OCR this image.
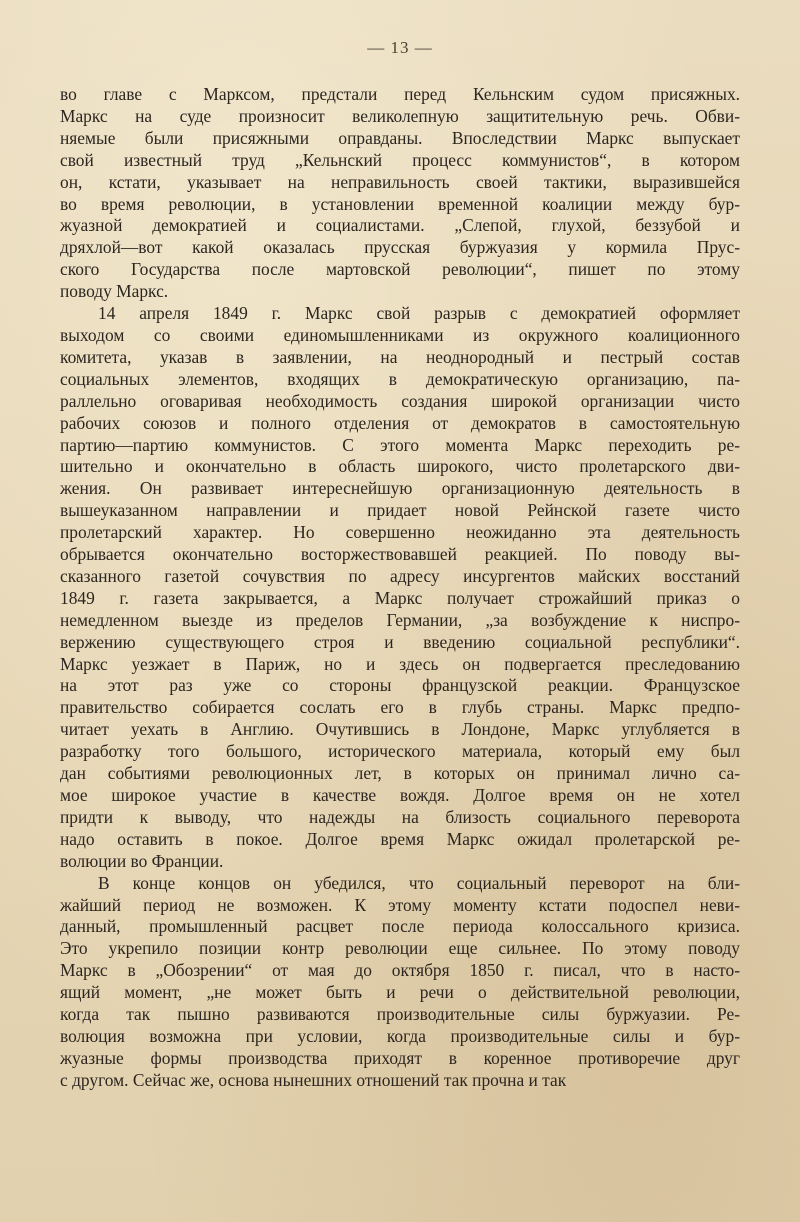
— 13 —

во главе с Марксом, предстали перед Кельнским судом присяжных.
Маркс на суде произносит великолепную защитительную речь. Обви-
няемые были присяжными оправданы. Впоследствии Маркс выпускает
свой известный труд „Кельнский процесс коммунистов“, в котором
он, кстати, указывает на неправильность своей тактики, выразившейся
во время революции, в установлении временной коалиции между бур-
жуазной демократией и социалистами. „Слепой, глухой, беззубой и
дряхлой—вот какой оказалась прусская буржуазия у кормила Прус-
ского Государства после мартовской революции“, пишет по этому
поводу Маркс.

14 апреля 1849 г. Маркс свой разрыв с демократией оформляет
выходом со своими единомышленниками из окружного коалиционного
комитета, указав в заявлении, на неоднородный и пестрый состав
социальных элементов, входящих в демократическую организацию, па-
раллельно оговаривая необходимость создания широкой организации чисто
рабочих союзов и полного отделения от демократов в самостоятельную
партию—партию коммунистов. С этого момента Маркс переходить ре-
шительно и окончательно в область широкого, чисто пролетарского дви-
жения. Он развивает интереснейшую организационную деятельность в
вышеуказанном направлении и придает новой Рейнской газете чисто
пролетарский характер. Но совершенно неожиданно эта деятельность
обрывается окончательно восторжествовавшей реакцией. По поводу вы-
сказанного газетой сочувствия по адресу инсургентов майских восстаний
1849 г. газета закрывается, а Маркс получает строжайший приказ о
немедленном выезде из пределов Германии, „за возбуждение к ниспро-
вержению существующего строя и введению социальной республики“.
Маркс уезжает в Париж, но и здесь он подвергается преследованию
на этот раз уже со стороны французской реакции. Французское
правительство собирается сослать его в глубь страны. Маркс предпо-
читает уехать в Англию. Очутившись в Лондоне, Маркс углубляется в
разработку того большого, исторического материала, который ему был
дан событиями революционных лет, в которых он принимал лично са-
мое широкое участие в качестве вождя. Долгое время он не хотел
придти к выводу, что надежды на близость социального переворота
надо оставить в покое. Долгое время Маркс ожидал пролетарской ре-
волюции во Франции.

В конце концов он убедился, что социальный переворот на бли-
жайший период не возможен. К этому моменту кстати подоспел неви-
данный, промышленный расцвет после периода колоссального кризиса.
Это укрепило позиции контр революции еще сильнее. По этому поводу
Маркс в „Обозрении“ от мая до октября 1850 г. писал, что в насто-
ящий момент, „не может быть и речи о действительной революции,
когда так пышно развиваются производительные силы буржуазии. Ре-
волюция возможна при условии, когда производительные силы и бур-
жуазные формы производства приходят в коренное противоречие друг
с другом. Сейчас же, основа нынешних отношений так прочна и так
